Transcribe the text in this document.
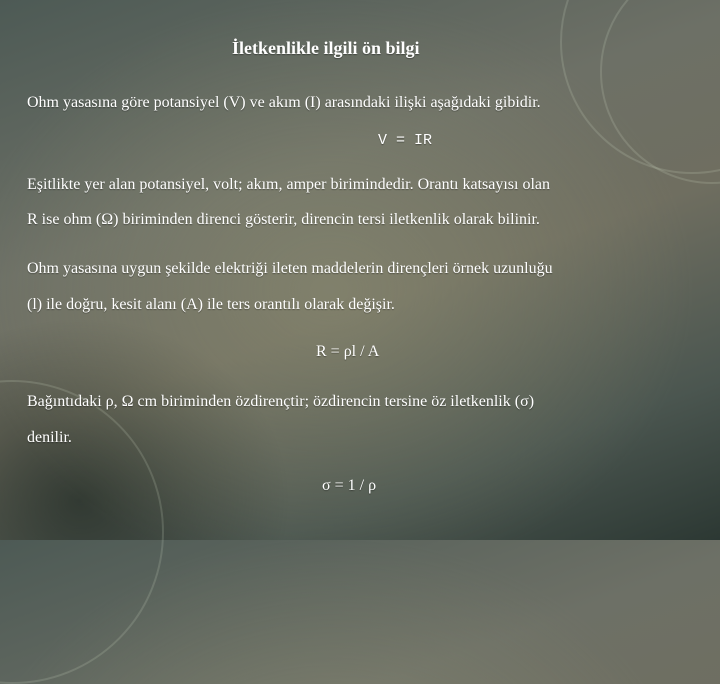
İletkenlikle ilgili ön bilgi
Ohm yasasına göre potansiyel (V) ve akım (I) arasındaki ilişki aşağıdaki gibidir.
V = IR
Eşitlikte yer alan potansiyel, volt; akım, amper birimindedir. Orantı katsayısı olan
R ise ohm (Ω) biriminden direnci gösterir, direncin tersi iletkenlik olarak bilinir.
Ohm yasasına uygun şekilde elektriği ileten maddelerin dirençleri örnek uzunluğu
(l) ile doğru, kesit alanı (A) ile ters orantılı olarak değişir.
R = ρl / A
Bağıntıdaki ρ, Ω cm biriminden özdirençtir; özdirencin tersine öz iletkenlik (σ)
denilir.
σ = 1 / ρ
